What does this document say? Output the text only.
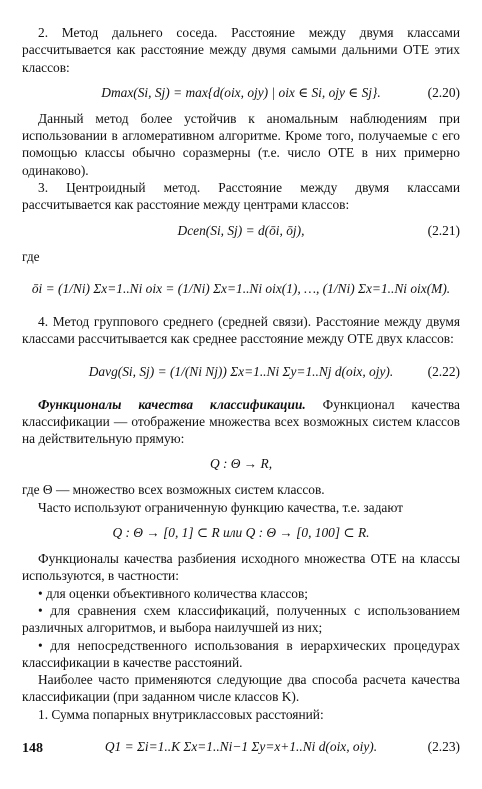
2. Метод дальнего соседа. Расстояние между двумя классами рассчитывается как расстояние между двумя самыми дальними ОТЕ этих классов:

Dmax(Si, Sj) = max{d(oix, ojy) | oix ∈ Si, ojy ∈ Sj}.	(2.20)

Данный метод более устойчив к аномальным наблюдениям при использовании в агломеративном алгоритме. Кроме того, получаемые с его помощью классы обычно соразмерны (т.е. число ОТЕ в них примерно одинаково).

3. Центроидный метод. Расстояние между двумя классами рассчитывается как расстояние между центрами классов:

Dcen(Si, Sj) = d(ōi, ōj),	(2.21)

где

ōi = (1/Ni) Σx=1..Ni oix = (1/Ni) Σx=1..Ni oix(1), …, (1/Ni) Σx=1..Ni oix(M).

4. Метод группового среднего (средней связи). Расстояние между двумя классами рассчитывается как среднее расстояние между ОТЕ двух классов:

Davg(Si, Sj) = (1/(Ni Nj)) Σx=1..Ni Σy=1..Nj d(oix, ojy).	(2.22)

Функционалы качества классификации. Функционал качества классификации — отображение множества всех возможных систем классов на действительную прямую:

Q : Θ → R,

где Θ — множество всех возможных систем классов.

Часто используют ограниченную функцию качества, т.е. задают

Q : Θ → [0, 1] ⊂ R или Q : Θ → [0, 100] ⊂ R.

Функционалы качества разбиения исходного множества ОТЕ на классы используются, в частности:

• для оценки объективного количества классов;

• для сравнения схем классификаций, полученных с использованием различных алгоритмов, и выбора наилучшей из них;

• для непосредственного использования в иерархических процедурах классификации в качестве расстояний.

Наиболее часто применяются следующие два способа расчета качества классификации (при заданном числе классов K).

1. Сумма попарных внутриклассовых расстояний:

Q1 = Σi=1..K Σx=1..Ni−1 Σy=x+1..Ni d(oix, oiy).	(2.23)
148
